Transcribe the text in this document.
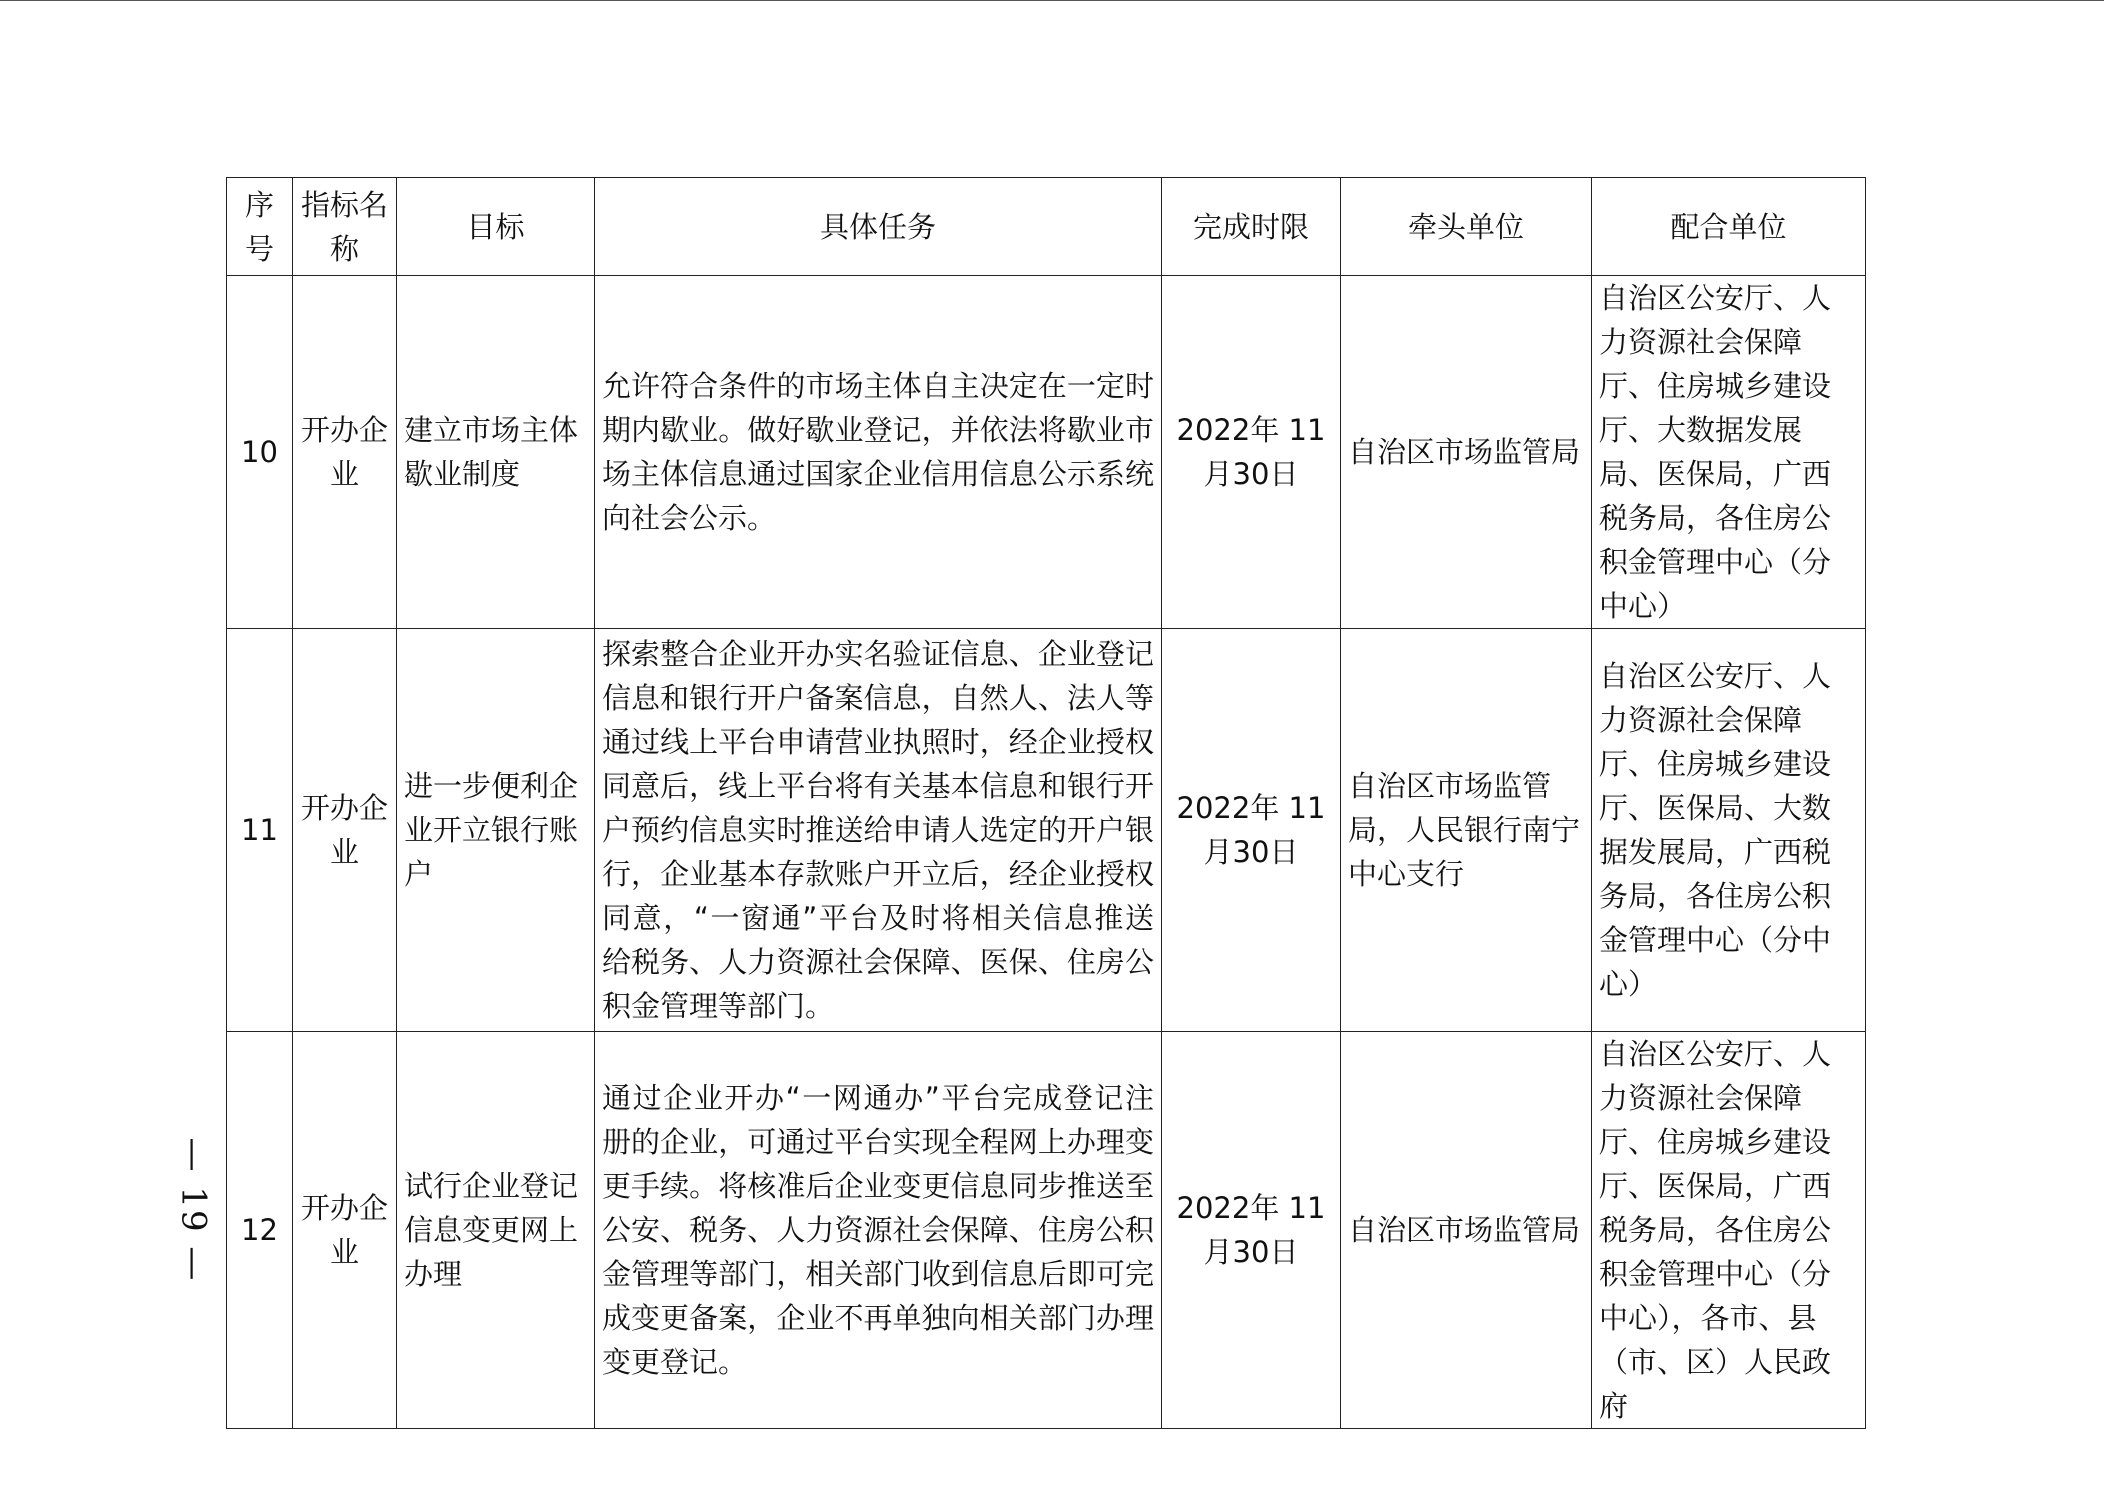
序号	指标名称	目标	具体任务	完成时限	牵头单位	配合单位
10	开办企业	建立市场主体歇业制度	允许符合条件的市场主体自主决定在一定时期内歇业。做好歇业登记，并依法将歇业市场主体信息通过国家企业信用信息公示系统向社会公示。	2022年 11月30日	自治区市场监管局	自治区公安厅、人力资源社会保障厅、住房城乡建设厅、大数据发展局、医保局，广西税务局，各住房公积金管理中心（分中心）
11	开办企业	进一步便利企业开立银行账户	探索整合企业开办实名验证信息、企业登记信息和银行开户备案信息，自然人、法人等通过线上平台申请营业执照时，经企业授权同意后，线上平台将有关基本信息和银行开户预约信息实时推送给申请人选定的开户银行，企业基本存款账户开立后，经企业授权同意，“一窗通”平台及时将相关信息推送给税务、人力资源社会保障、医保、住房公积金管理等部门。	2022年 11月30日	自治区市场监管局，人民银行南宁中心支行	自治区公安厅、人力资源社会保障厅、住房城乡建设厅、医保局、大数据发展局，广西税务局，各住房公积金管理中心（分中心）
12	开办企业	试行企业登记信息变更网上办理	通过企业开办“一网通办”平台完成登记注册的企业，可通过平台实现全程网上办理变更手续。将核准后企业变更信息同步推送至公安、税务、人力资源社会保障、住房公积金管理等部门，相关部门收到信息后即可完成变更备案，企业不再单独向相关部门办理变更登记。	2022年 11月30日	自治区市场监管局	自治区公安厅、人力资源社会保障厅、住房城乡建设厅、医保局，广西税务局，各住房公积金管理中心（分中心），各市、县（市、区）人民政府
— 19 —
